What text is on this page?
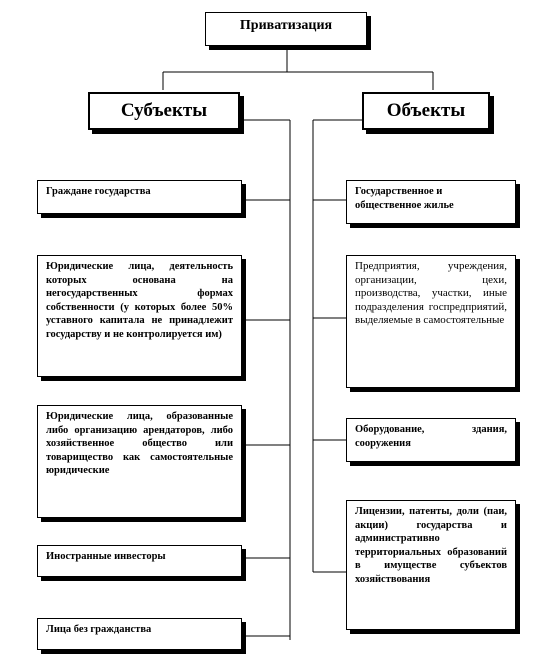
Приватизация
Субъекты	Объекты
Граждане государства
Юридические лица, деятельность которых основана на негосударственных формах собственности (у которых более 50% уставного капитала не принадлежит государству и не контролируется им)
Юридические лица, образованные либо организацию арендаторов, либо хозяйственное общество или товарищество как самостоятельные юридические
Иностранные инвесторы
Лица без гражданства
Государственное и общественное жилье
Предприятия, учреждения, организации, цехи, производства, участки, иные подразделения госпредприятий, выделяемые в самостоятельные
Оборудование, здания, сооружения
Лицензии, патенты, доли (паи, акции) государства и административно территориальных образований в имуществе субъектов хозяйствования
